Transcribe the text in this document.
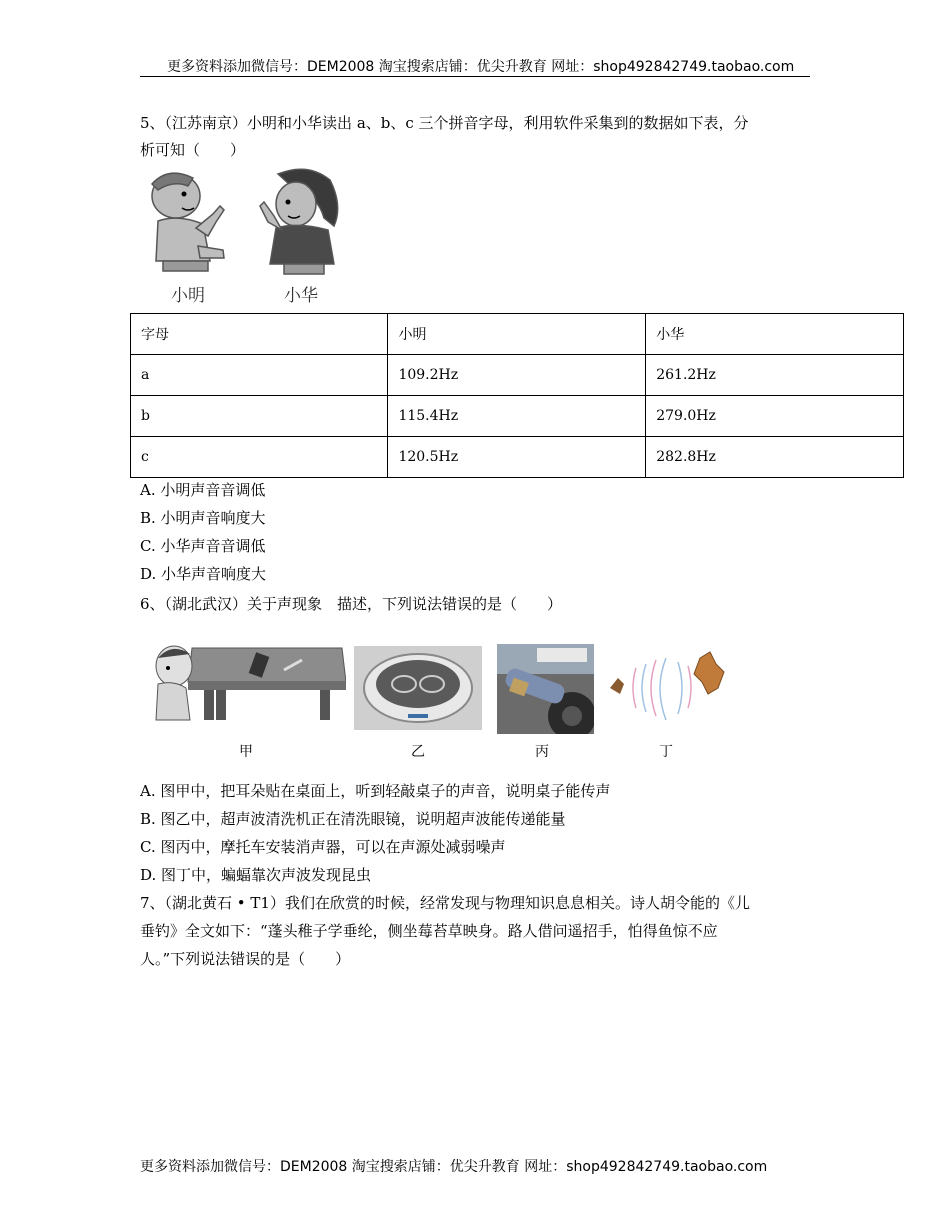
更多资料添加微信号：DEM2008 淘宝搜索店铺：优尖升教育 网址：shop492842749.taobao.com
5、（江苏南京）小明和小华读出 a、b、c 三个拼音字母，利用软件采集到的数据如下表，分
析可知（　　）
小明	小华
字母	小明	小华
a	109.2Hz	261.2Hz
b	115.4Hz	279.0Hz
c	120.5Hz	282.8Hz
A. 小明声音音调低
B. 小明声音响度大
C. 小华声音音调低
D. 小华声音响度大
6、（湖北武汉）关于声现象　描述，下列说法错误的是（　　）
甲	乙	丙	丁
A. 图甲中，把耳朵贴在桌面上，听到轻敲桌子的声音，说明桌子能传声
B. 图乙中，超声波清洗机正在清洗眼镜，说明超声波能传递能量
C. 图丙中，摩托车安装消声器，可以在声源处减弱噪声
D. 图丁中，蝙蝠靠次声波发现昆虫
7、（湖北黄石 • T1）我们在欣赏的时候，经常发现与物理知识息息相关。诗人胡令能的《儿
垂钓》全文如下：“蓬头稚子学垂纶，侧坐莓苔草映身。路人借问遥招手，怕得鱼惊不应
人。”下列说法错误的是（　　）
更多资料添加微信号：DEM2008 淘宝搜索店铺：优尖升教育 网址：shop492842749.taobao.com
